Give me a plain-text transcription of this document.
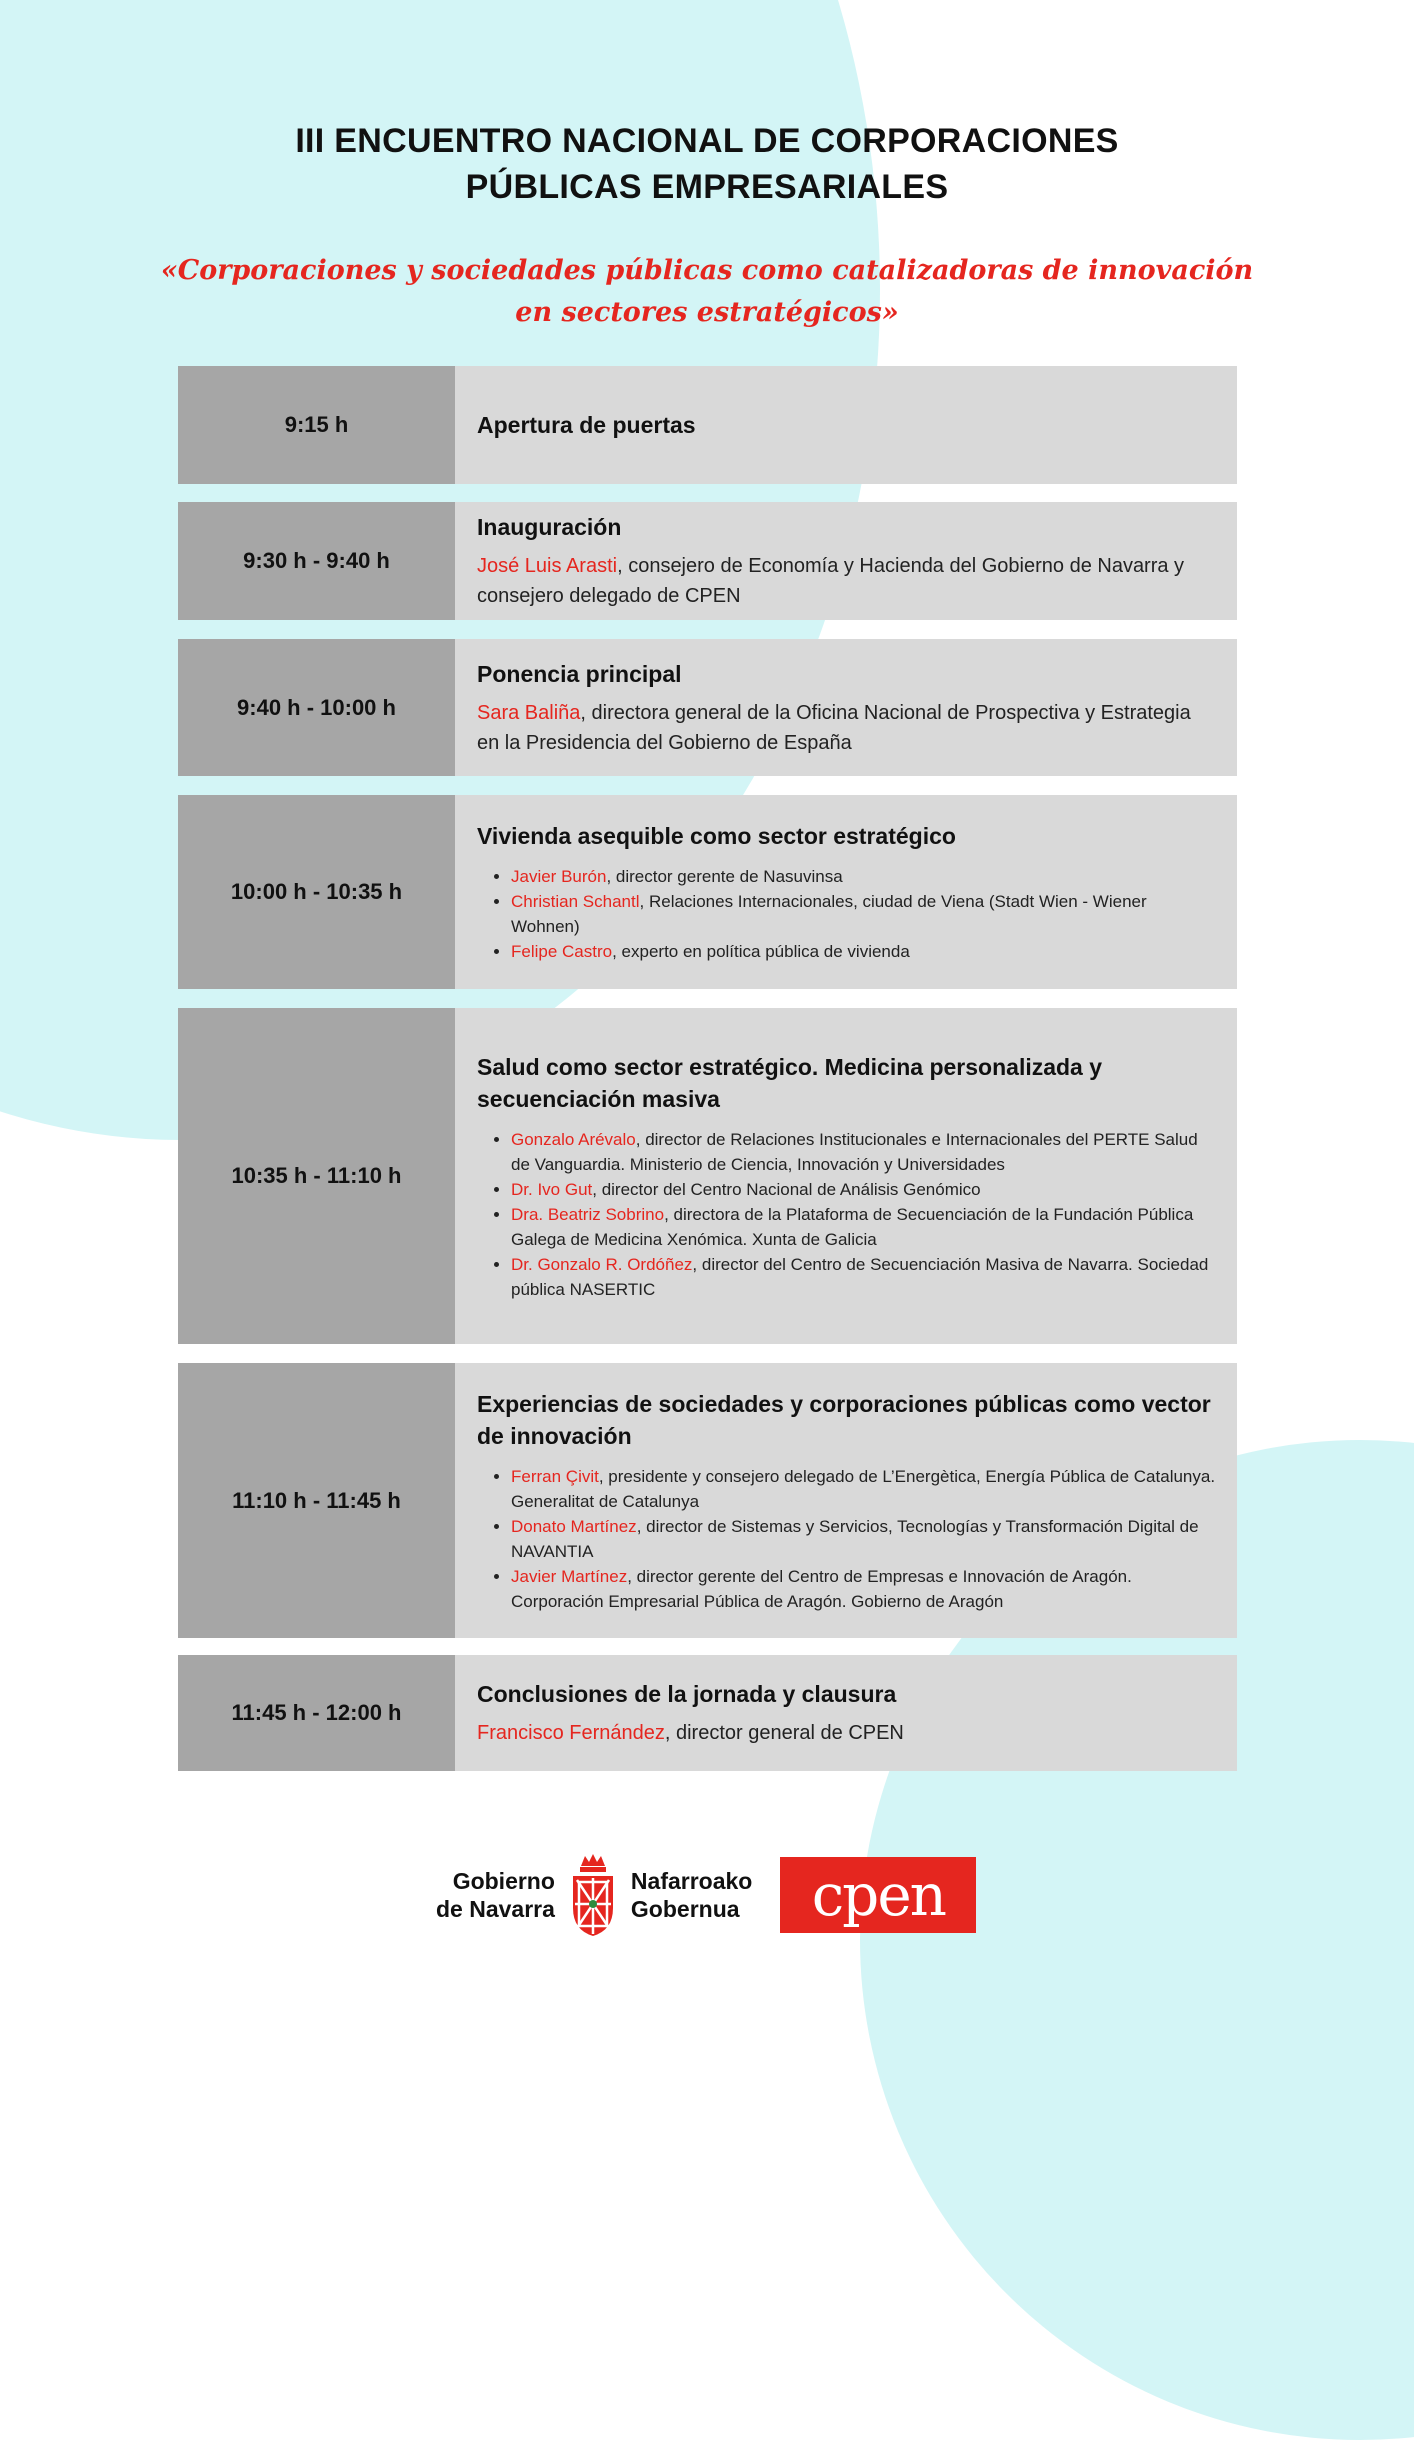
III ENCUENTRO NACIONAL DE CORPORACIONES
PÚBLICAS EMPRESARIALES
«Corporaciones y sociedades públicas como catalizadoras de innovación en sectores estratégicos»
9:15 h	Apertura de puertas
9:30 h - 9:40 h
Inauguración

José Luis Arasti, consejero de Economía y Hacienda del Gobierno de Navarra y consejero delegado de CPEN

9:40 h - 10:00 h
Ponencia principal

Sara Baliña, directora general de la Oficina Nacional de Prospectiva y Estrategia en la Presidencia del Gobierno de España

10:00 h - 10:35 h
Vivienda asequible como sector estratégico
• Javier Burón, director gerente de Nasuvinsa
• Christian Schantl, Relaciones Internacionales, ciudad de Viena (Stadt Wien - Wiener Wohnen)
• Felipe Castro, experto en política pública de vivienda
10:35 h - 11:10 h
Salud como sector estratégico. Medicina personalizada y secuenciación masiva
• Gonzalo Arévalo, director de Relaciones Institucionales e Internacionales del PERTE Salud de Vanguardia. Ministerio de Ciencia, Innovación y Universidades
• Dr. Ivo Gut, director del Centro Nacional de Análisis Genómico
• Dra. Beatriz Sobrino, directora de la Plataforma de Secuenciación de la Fundación Pública Galega de Medicina Xenómica. Xunta de Galicia
• Dr. Gonzalo R. Ordóñez, director del Centro de Secuenciación Masiva de Navarra. Sociedad pública NASERTIC
11:10 h - 11:45 h
Experiencias de sociedades y corporaciones públicas como vector de innovación
• Ferran Çivit, presidente y consejero delegado de L’Energètica, Energía Pública de Catalunya. Generalitat de Catalunya
• Donato Martínez, director de Sistemas y Servicios, Tecnologías y Transformación Digital de NAVANTIA
• Javier Martínez, director gerente del Centro de Empresas e Innovación de Aragón. Corporación Empresarial Pública de Aragón. Gobierno de Aragón
11:45 h - 12:00 h
Conclusiones de la jornada y clausura

Francisco Fernández, director general de CPEN

Gobierno
de Navarra
Nafarroako
Gobernua	cpen
